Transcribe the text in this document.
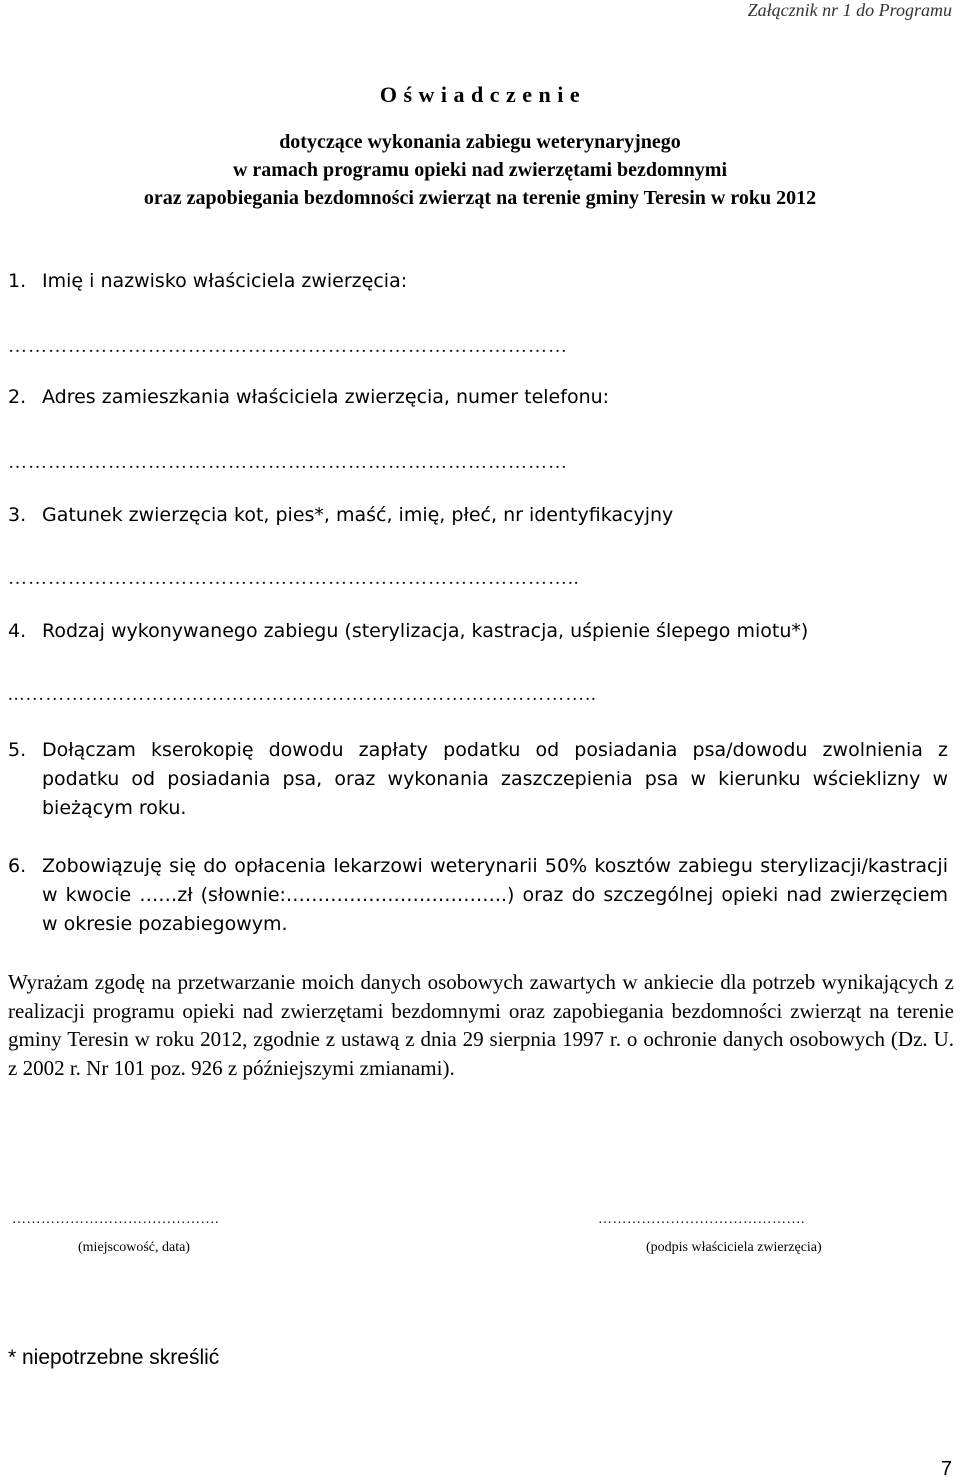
Załącznik nr 1 do Programu
O ś w i a d c z e n i e
dotyczące wykonania zabiegu weterynaryjnego
w ramach programu opieki nad zwierzętami bezdomnymi
oraz zapobiegania bezdomności zwierząt na terenie gminy Teresin w roku 2012
1. Imię i nazwisko właściciela zwierzęcia:
…………………………………………………………………………
2. Adres zamieszkania właściciela zwierzęcia, numer telefonu:
…………………………………………………………………………
3. Gatunek zwierzęcia kot, pies*, maść, imię, płeć, nr identyfikacyjny
…………………………………………………………………………..
4. Rodzaj wykonywanego zabiegu (sterylizacja, kastracja, uśpienie ślepego miotu*)
...…………………………………………………………………………..
5. Dołączam kserokopię dowodu zapłaty podatku od posiadania psa/dowodu zwolnienia z podatku od posiadania psa, oraz wykonania zaszczepienia psa w kierunku wścieklizny w bieżącym roku.
6. Zobowiązuję się do opłacenia lekarzowi weterynarii 50% kosztów zabiegu sterylizacji/kastracji w kwocie ……zł (słownie:……………………………..) oraz do szczególnej opieki nad zwierzęciem w okresie pozabiegowym.
Wyrażam zgodę na przetwarzanie moich danych osobowych zawartych w ankiecie dla potrzeb wynikających z realizacji programu opieki nad zwierzętami bezdomnymi oraz zapobiegania bezdomności zwierząt na terenie gminy Teresin w roku 2012, zgodnie z ustawą z dnia 29 sierpnia 1997 r. o ochronie danych osobowych (Dz. U. z 2002 r. Nr 101 poz. 926 z późniejszymi zmianami).
…………………………………….
(miejscowość, data)
…………………………………….
(podpis właściciela zwierzęcia)
* niepotrzebne skreślić
7
